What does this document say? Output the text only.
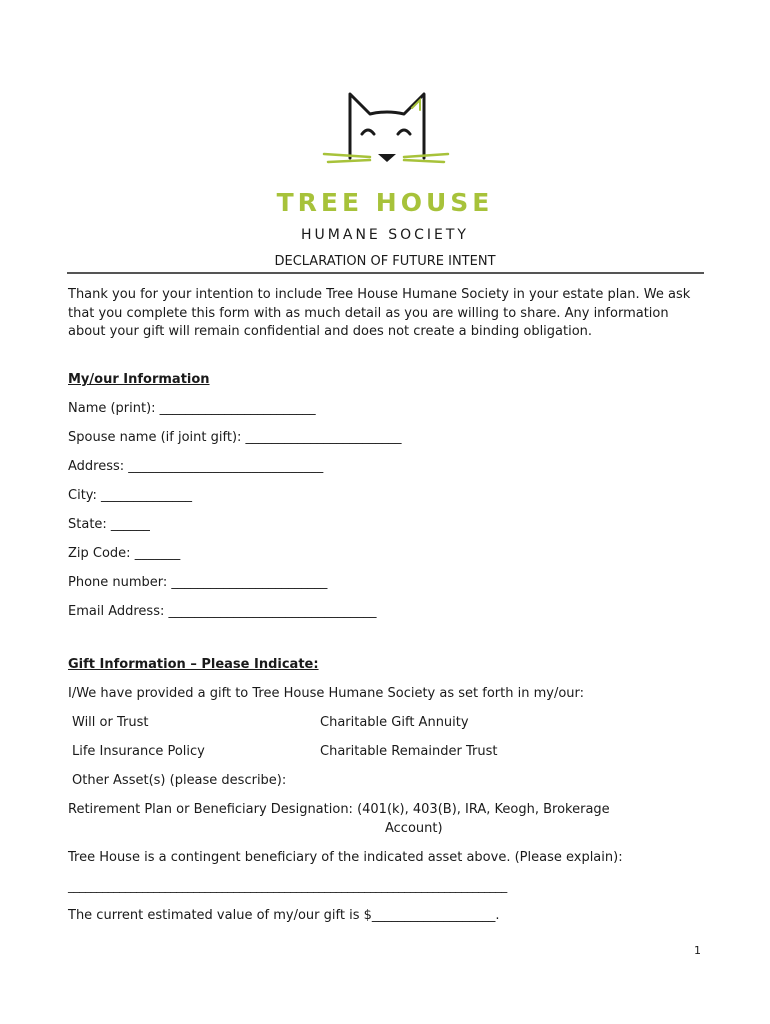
TREE HOUSE
HUMANE SOCIETY
DECLARATION OF FUTURE INTENT
Thank you for your intention to include Tree House Humane Society in your estate plan. We ask that you complete this form with as much detail as you are willing to share. Any information about your gift will remain confidential and does not create a binding obligation.
My/our Information
Name (print): ________________________
Spouse name (if joint gift): ________________________
Address: ______________________________
City: ______________
State: ______
Zip Code: _______
Phone number: ________________________
Email Address: ________________________________
Gift Information – Please Indicate:
I/We have provided a gift to Tree House Humane Society as set forth in my/our:
Will or Trust	Charitable Gift Annuity
Life Insurance Policy	Charitable Remainder Trust
Other Asset(s) (please describe):
Retirement Plan or Beneficiary Designation: (401(k), 403(B), IRA, Keogh, Brokerage
Account)
Tree House is a contingent beneficiary of the indicated asset above. (Please explain):
_____________________________________________________________________________
The current estimated value of my/our gift is $___________________.
1
